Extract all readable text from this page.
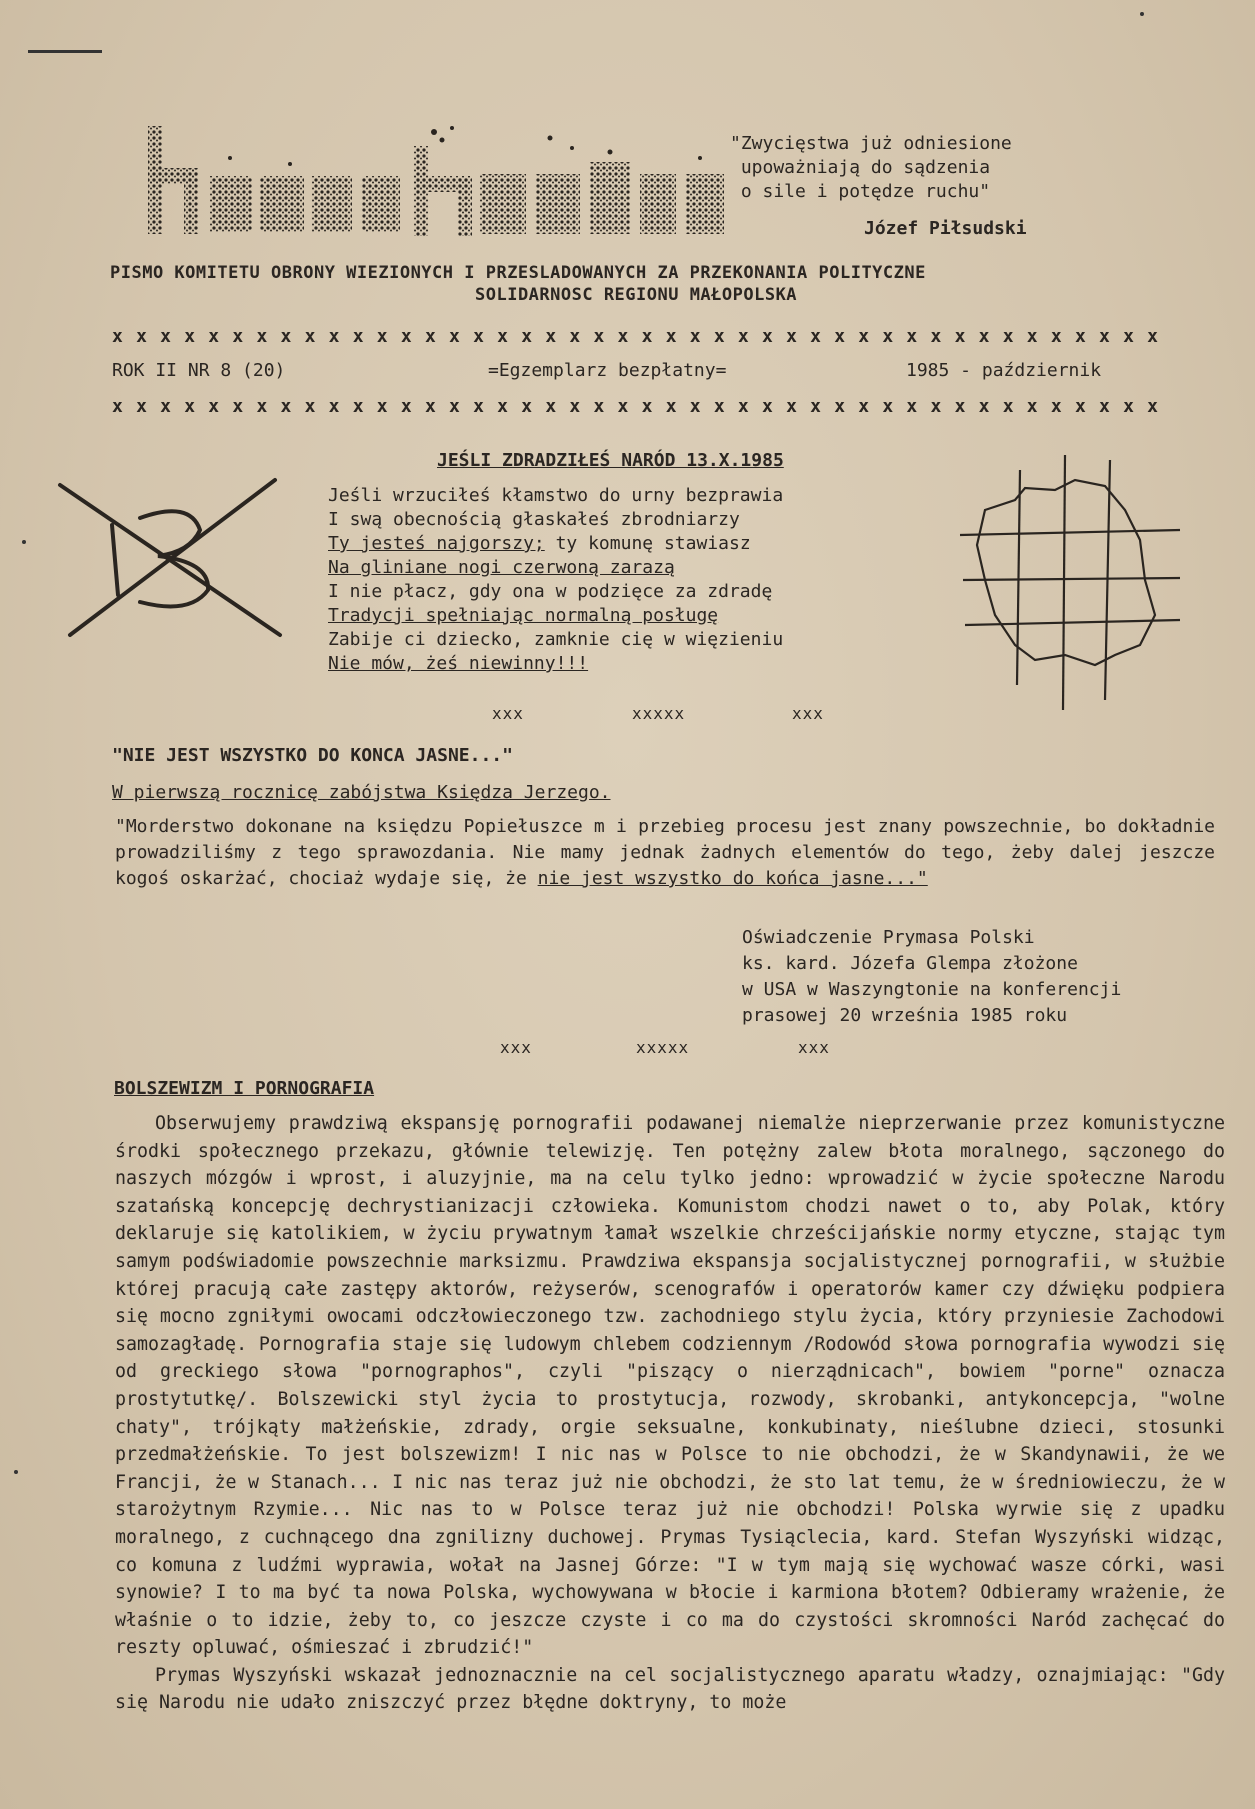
"Zwycięstwa już odniesione
upoważniają do sądzenia
o sile i potędze ruchu"
Józef Piłsudski
PISMO KOMITETU OBRONY WIEZIONYCH I PRZESLADOWANYCH ZA PRZEKONANIA POLITYCZNE
SOLIDARNOSC REGIONU MAŁOPOLSKA
x x x x x x x x x x x x x x x x x x x x x x x x x x x x x x x x x x x x x x x x x x x x
ROK II NR 8 (20)	=Egzemplarz bezpłatny=	1985 - październik
x x x x x x x x x x x x x x x x x x x x x x x x x x x x x x x x x x x x x x x x x x x x
JEŚLI ZDRADZIŁEŚ NARÓD 13.X.1985
Jeśli wrzuciłeś kłamstwo do urny bezprawia
I swą obecnością głaskałeś zbrodniarzy
Ty jesteś najgorszy; ty komunę stawiasz
Na gliniane nogi czerwoną zarazą
I nie płacz, gdy ona w podzięce za zdradę
Tradycji spełniając normalną posługę
Zabije ci dziecko, zamknie cię w więzieniu
Nie mów, żeś niewinny!!!
xxx	xxxxx	xxx
"NIE JEST WSZYSTKO DO KONCA JASNE..."
W pierwszą rocznicę zabójstwa Księdza Jerzego.

"Morderstwo dokonane na księdzu Popiełuszce m i przebieg procesu jest znany powszechnie, bo dokładnie prowadziliśmy z tego sprawozdania. Nie mamy jednak żadnych elementów do tego, żeby dalej jeszcze kogoś oskarżać, chociaż wydaje się, że nie jest wszystko do końca jasne..."

Oświadczenie Prymasa Polski
ks. kard. Józefa Glempa złożone
w USA w Waszyngtonie na konferencji
prasowej 20 września 1985 roku
xxx	xxxxx	xxx
BOLSZEWIZM I PORNOGRAFIA

Obserwujemy prawdziwą ekspansję pornografii podawanej niemalże nieprzerwanie przez komunistyczne środki społecznego przekazu, głównie telewizję. Ten potężny zalew błota moralnego, sączonego do naszych mózgów i wprost, i aluzyjnie, ma na celu tylko jedno: wprowadzić w życie społeczne Narodu szatańską koncepcję dechrystianizacji człowieka. Komunistom chodzi nawet o to, aby Polak, który deklaruje się katolikiem, w życiu prywatnym łamał wszelkie chrześcijańskie normy etyczne, stając tym samym podświadomie powszechnie marksizmu. Prawdziwa ekspansja socjalistycznej pornografii, w służbie której pracują całe zastępy aktorów, reżyserów, scenografów i operatorów kamer czy dźwięku podpiera się mocno zgniłymi owocami odczłowieczonego tzw. zachodniego stylu życia, który przyniesie Zachodowi samozagładę. Pornografia staje się ludowym chlebem codziennym /Rodowód słowa pornografia wywodzi się od greckiego słowa "pornographos", czyli "piszący o nierządnicach", bowiem "porne" oznacza prostytutkę/. Bolszewicki styl życia to prostytucja, rozwody, skrobanki, antykoncepcja, "wolne chaty", trójkąty małżeńskie, zdrady, orgie seksualne, konkubinaty, nieślubne dzieci, stosunki przedmałżeńskie. To jest bolszewizm! I nic nas w Polsce to nie obchodzi, że w Skandynawii, że we Francji, że w Stanach... I nic nas teraz już nie obchodzi, że sto lat temu, że w średniowieczu, że w starożytnym Rzymie... Nic nas to w Polsce teraz już nie obchodzi! Polska wyrwie się z upadku moralnego, z cuchnącego dna zgnilizny duchowej. Prymas Tysiąclecia, kard. Stefan Wyszyński widząc, co komuna z ludźmi wyprawia, wołał na Jasnej Górze: "I w tym mają się wychować wasze córki, wasi synowie? I to ma być ta nowa Polska, wychowywana w błocie i karmiona błotem? Odbieramy wrażenie, że właśnie o to idzie, żeby to, co jeszcze czyste i co ma do czystości skromności Naród zachęcać do reszty opluwać, ośmieszać i zbrudzić!"

Prymas Wyszyński wskazał jednoznacznie na cel socjalistycznego aparatu władzy, oznajmiając: "Gdy się Narodu nie udało zniszczyć przez błędne doktryny, to może
